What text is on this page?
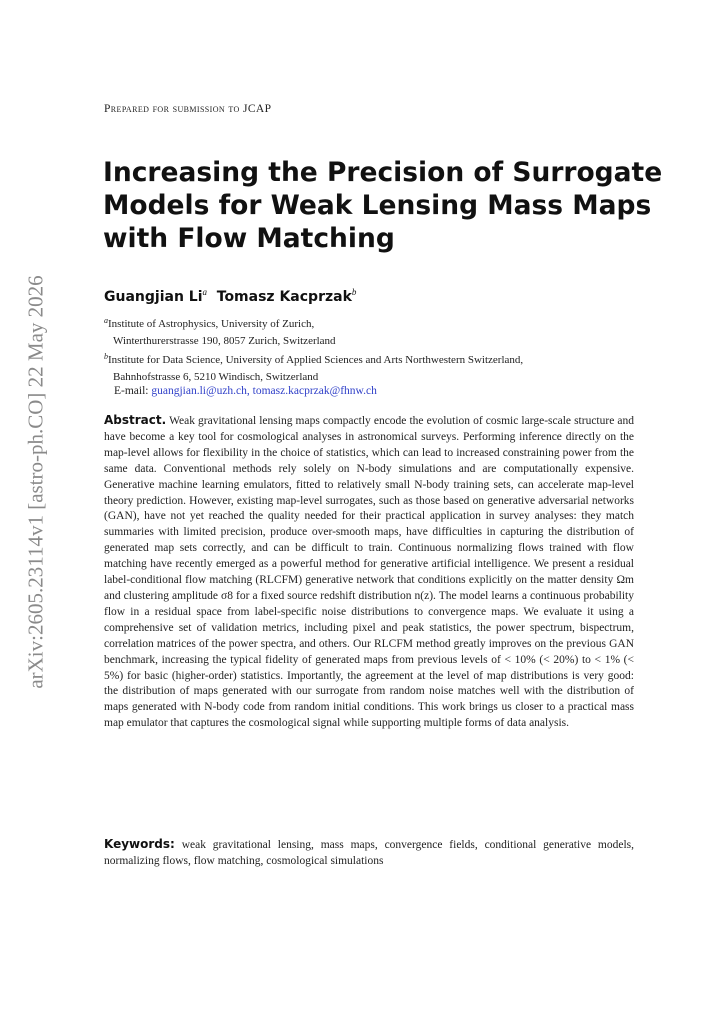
arXiv:2605.23114v1 [astro-ph.CO] 22 May 2026
Prepared for submission to JCAP
Increasing the Precision of Surrogate
Models for Weak Lensing Mass Maps
with Flow Matching
Guangjian Li$^a$ Tomasz Kacprzak$^b$
$^a$Institute of Astrophysics, University of Zurich,
Winterthurerstrasse 190, 8057 Zurich, Switzerland
$^b$Institute for Data Science, University of Applied Sciences and Arts Northwestern Switzerland,
Bahnhofstrasse 6, 5210 Windisch, Switzerland
E-mail: guangjian.li@uzh.ch, tomasz.kacprzak@fhnw.ch
Abstract. Weak gravitational lensing maps compactly encode the evolution of cosmic large-scale structure and have become a key tool for cosmological analyses in astronomical surveys. Performing inference directly on the map-level allows for flexibility in the choice of statistics, which can lead to increased constraining power from the same data. Conventional methods rely solely on N-body simulations and are computationally expensive. Generative machine learning emulators, fitted to relatively small N-body training sets, can accelerate map-level theory prediction. However, existing map-level surrogates, such as those based on generative adversarial networks (GAN), have not yet reached the quality needed for their practical application in survey analyses: they match summaries with limited precision, produce over-smooth maps, have difficulties in capturing the distribution of generated map sets correctly, and can be difficult to train. Continuous normalizing flows trained with flow matching have recently emerged as a powerful method for generative artificial intelligence. We present a residual label-conditional flow matching (RLCFM) generative network that conditions explicitly on the matter density Ωm and clustering amplitude σ8 for a fixed source redshift distribution n(z). The model learns a continuous probability flow in a residual space from label-specific noise distributions to convergence maps. We evaluate it using a comprehensive set of validation metrics, including pixel and peak statistics, the power spectrum, bispectrum, correlation matrices of the power spectra, and others. Our RLCFM method greatly improves on the previous GAN benchmark, increasing the typical fidelity of generated maps from previous levels of < 10% (< 20%) to < 1% (< 5%) for basic (higher-order) statistics. Importantly, the agreement at the level of map distributions is very good: the distribution of maps generated with our surrogate from random noise matches well with the distribution of maps generated with N-body code from random initial conditions. This work brings us closer to a practical mass map emulator that captures the cosmological signal while supporting multiple forms of data analysis.
Keywords: weak gravitational lensing, mass maps, convergence fields, conditional generative models, normalizing flows, flow matching, cosmological simulations
